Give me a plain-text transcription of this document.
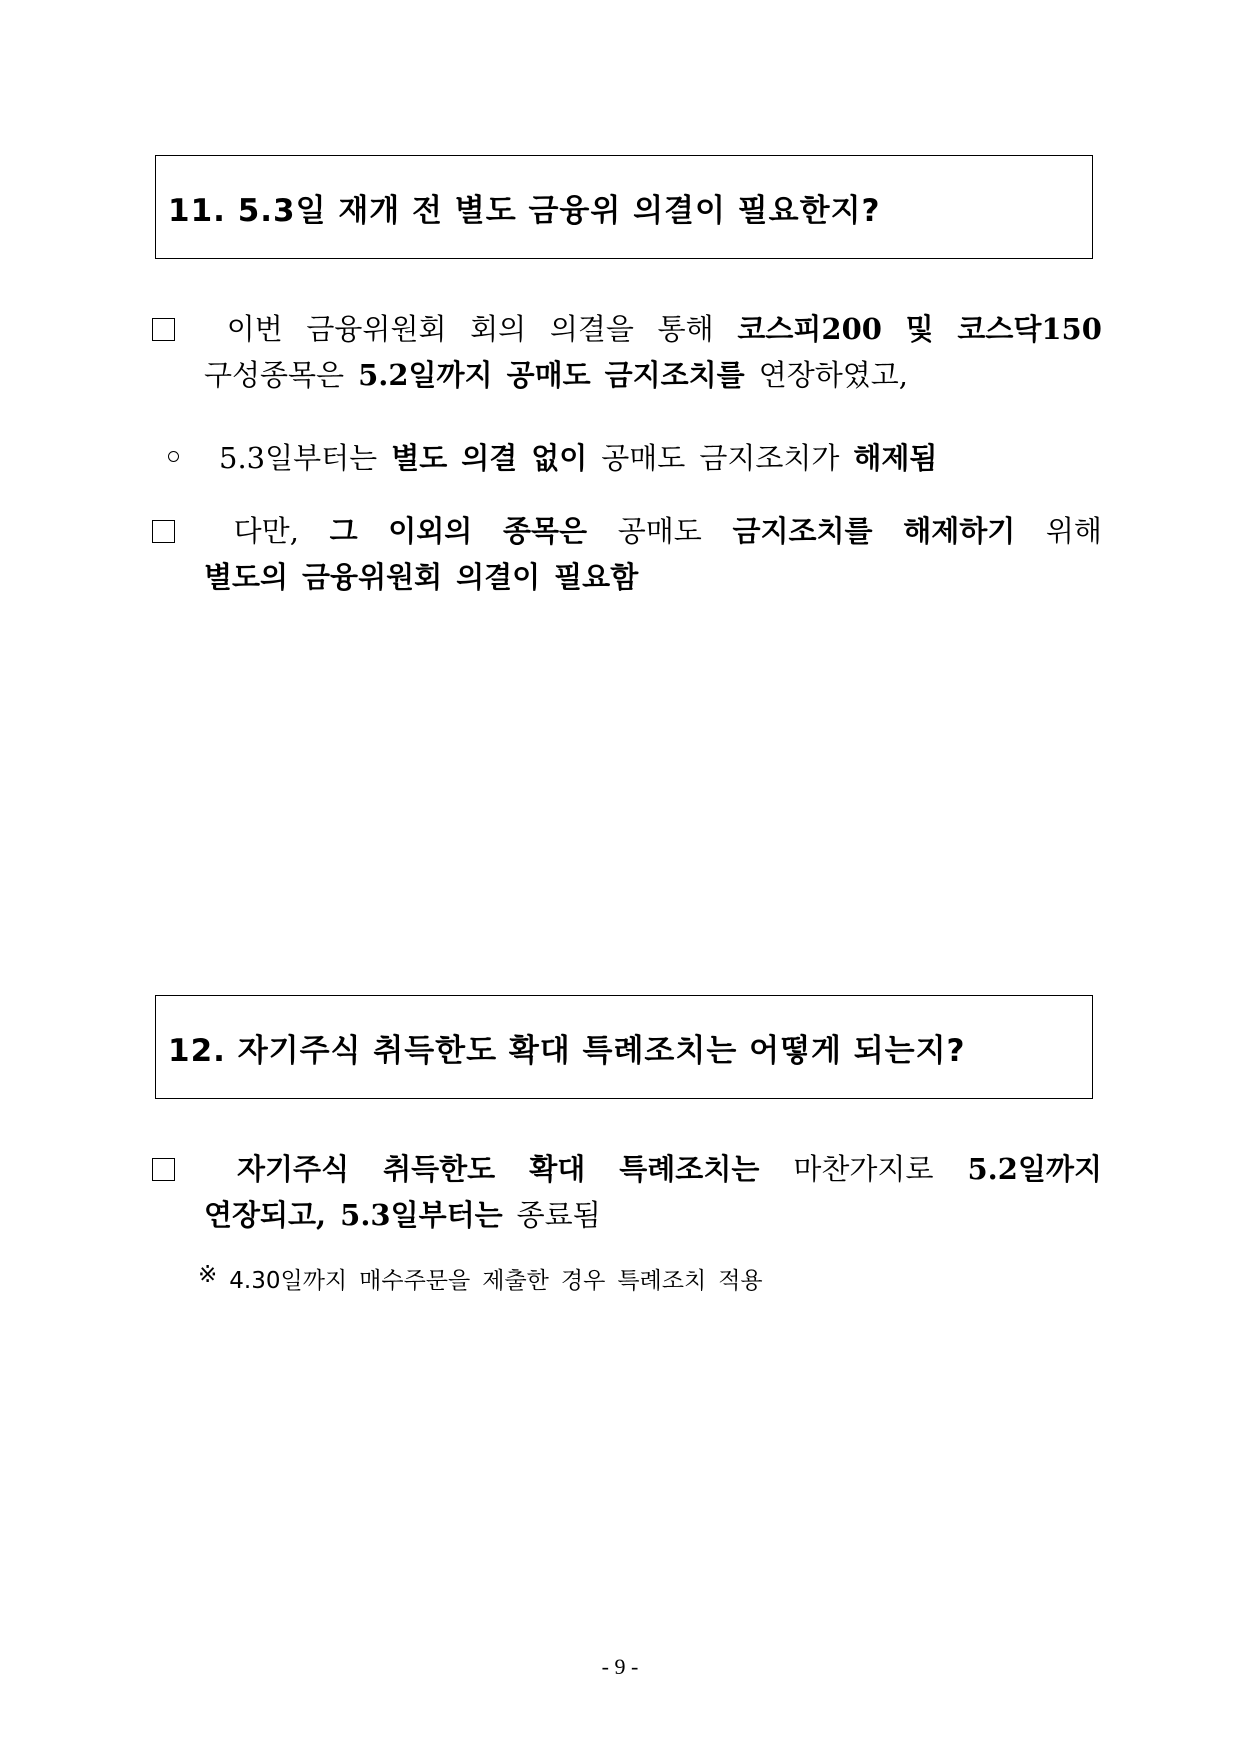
11. 5.3일 재개 전 별도 금융위 의결이 필요한지?
이번 금융위원회 회의 의결을 통해 코스피200 및 코스닥150
구성종목은 5.2일까지 공매도 금지조치를 연장하였고,
5.3일부터는 별도 의결 없이 공매도 금지조치가 해제됨
다만, 그 이외의 종목은 공매도 금지조치를 해제하기 위해
별도의 금융위원회 의결이 필요함
12. 자기주식 취득한도 확대 특례조치는 어떻게 되는지?
자기주식 취득한도 확대 특례조치는 마찬가지로 5.2일까지
연장되고, 5.3일부터는 종료됨
※ 4.30일까지 매수주문을 제출한 경우 특례조치 적용
- 9 -
